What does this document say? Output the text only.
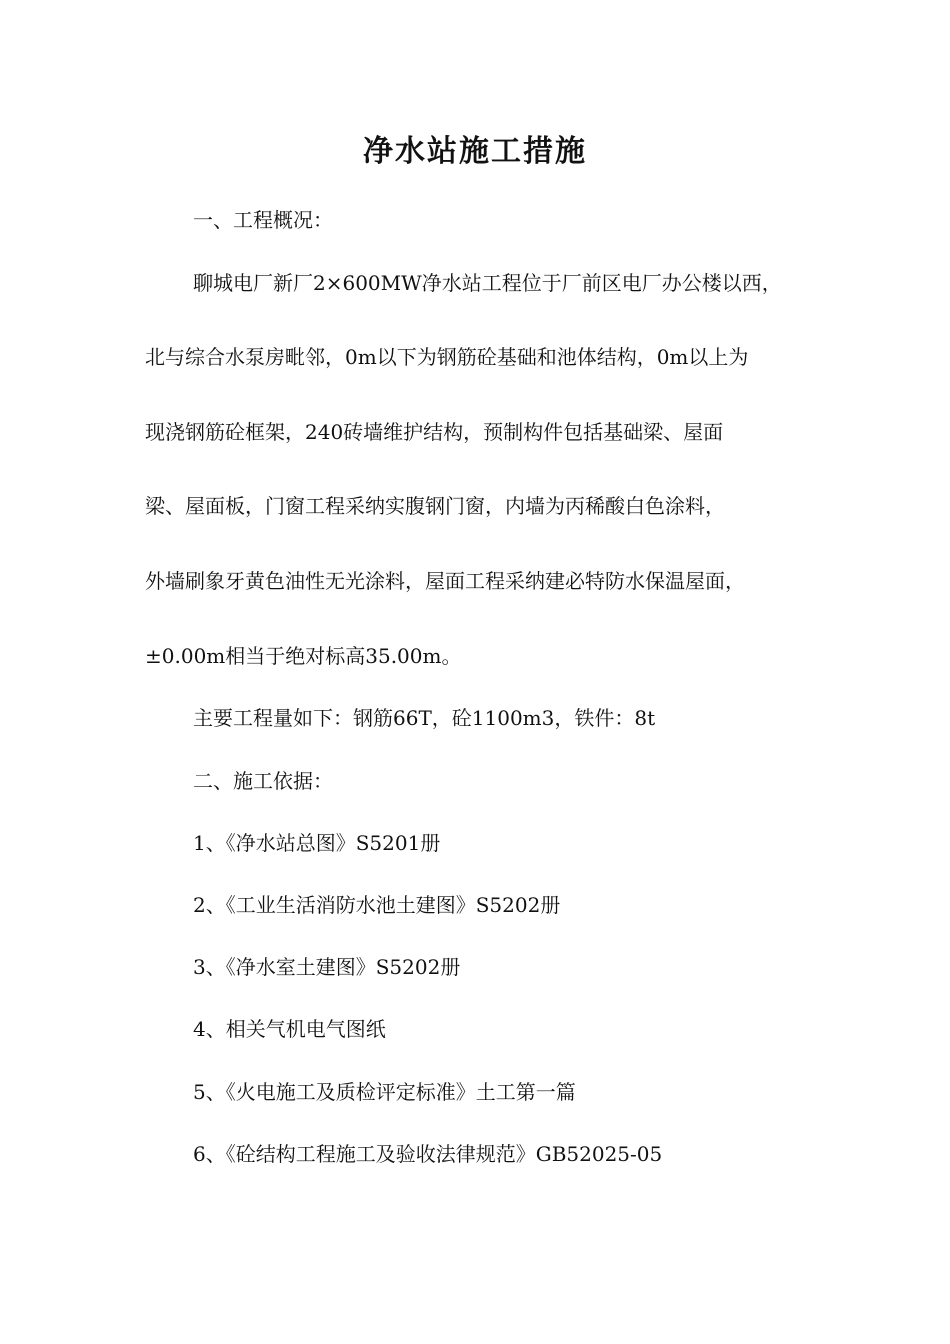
净水站施工措施

一、工程概况：

聊城电厂新厂2×600MW净水站工程位于厂前区电厂办公楼以西，

北与综合水泵房毗邻，0m以下为钢筋砼基础和池体结构，0m以上为

现浇钢筋砼框架，240砖墙维护结构，预制构件包括基础梁、屋面

梁、屋面板，门窗工程采纳实腹钢门窗，内墙为丙稀酸白色涂料，

外墙刷象牙黄色油性无光涂料，屋面工程采纳建必特防水保温屋面，

±0.00m相当于绝对标高35.00m。

主要工程量如下：钢筋66T，砼1100m3，铁件：8t

二、施工依据：

1、《净水站总图》S5201册

2、《工业生活消防水池土建图》S5202册

3、《净水室土建图》S5202册

4、相关气机电气图纸

5、《火电施工及质检评定标准》土工第一篇

6、《砼结构工程施工及验收法律规范》GB52025-05
